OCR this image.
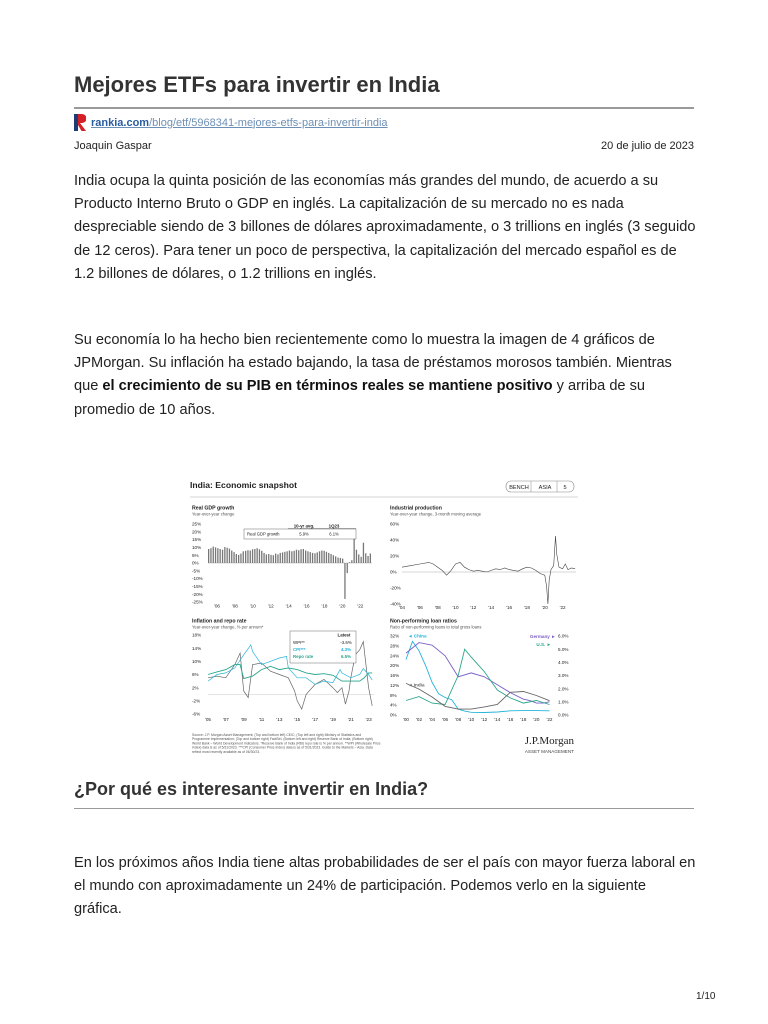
Mejores ETFs para invertir en India
rankia.com/blog/etf/5968341-mejores-etfs-para-invertir-india
Joaquin Gaspar	20 de julio de 2023

India ocupa la quinta posición de las economías más grandes del mundo, de acuerdo a su Producto Interno Bruto o GDP en inglés. La capitalización de su mercado no es nada despreciable siendo de 3 billones de dólares aproximadamente, o 3 trillions en inglés (3 seguido de 12 ceros). Para tener un poco de perspectiva, la capitalización del mercado español es de 1.2 billones de dólares, o 1.2 trillions en inglés.

Su economía lo ha hecho bien recientemente como lo muestra la imagen de 4 gráficos de JPMorgan. Su inflación ha estado bajando, la tasa de préstamos morosos también. Mientras que el crecimiento de su PIB en términos reales se mantiene positivo y arriba de su promedio de 10 años.

India: Economic snapshot	BENCH ASIA 5
Real GDP growth
Year-over-year change
25%
20%
15%
10%
5%
0%
-5%
-10%
-15%
-20%
-25%
'06	'08	'10	'12	'14	'16	'18	'20	'22
10-yr avg.	1Q23
Real GDP growth	5.9%	6.1%
Industrial production
Year-over-year change, 3-month moving average
60%
40%
20%
0%
-20%
-40%
'04	'06	'08	'10	'12	'14	'16	'18	'20	'22
Inflation and repo rate
Year-over-year change, % per annum*
18%
14%
10%
6%
2%
-2%
-6%
'05	'07	'09	'11	'13	'15	'17	'19	'21	'23
Latest
WPI**	-3.5%
CPI***	4.3%
Repo rate	6.5%
Non-performing loan ratios
Ratio of non-performing loans to total gross loans
32%
28%
24%
20%
16%
12%
8%
4%
0%
6.0%
5.0%
4.0%
3.0%
2.0%
1.0%
0.0%
'00 '02 '04 '06 '08 '10 '12 '14 '16 '18 '20 '22
◄ China	Germany ►
U.S. ►
◄ India
Source: J.P. Morgan Asset Management; (Top and bottom left) CEIC; (Top left and right) Ministry of Statistics and Programme Implementation; (Top and bottom right) FactSet. (Bottom left and right) Reserve Bank of India; (Bottom right) World Bank – World Development Indicators. *Reserve Bank of India (RBI) repo rate is % per annum. **WPI (Wholesale Price Index) data is as of 5/31/2023. ***CPI (Consumer Price Index) data is as of 5/31/2023. Guide to the Markets – Asia. Data reflect most recently available as of 06/30/23.
J.P.Morgan
ASSET MANAGEMENT
¿Por qué es interesante invertir en India?

En los próximos años India tiene altas probabilidades de ser el país con mayor fuerza laboral en el mundo con aproximadamente un 24% de participación. Podemos verlo en la siguiente gráfica.

1/10
